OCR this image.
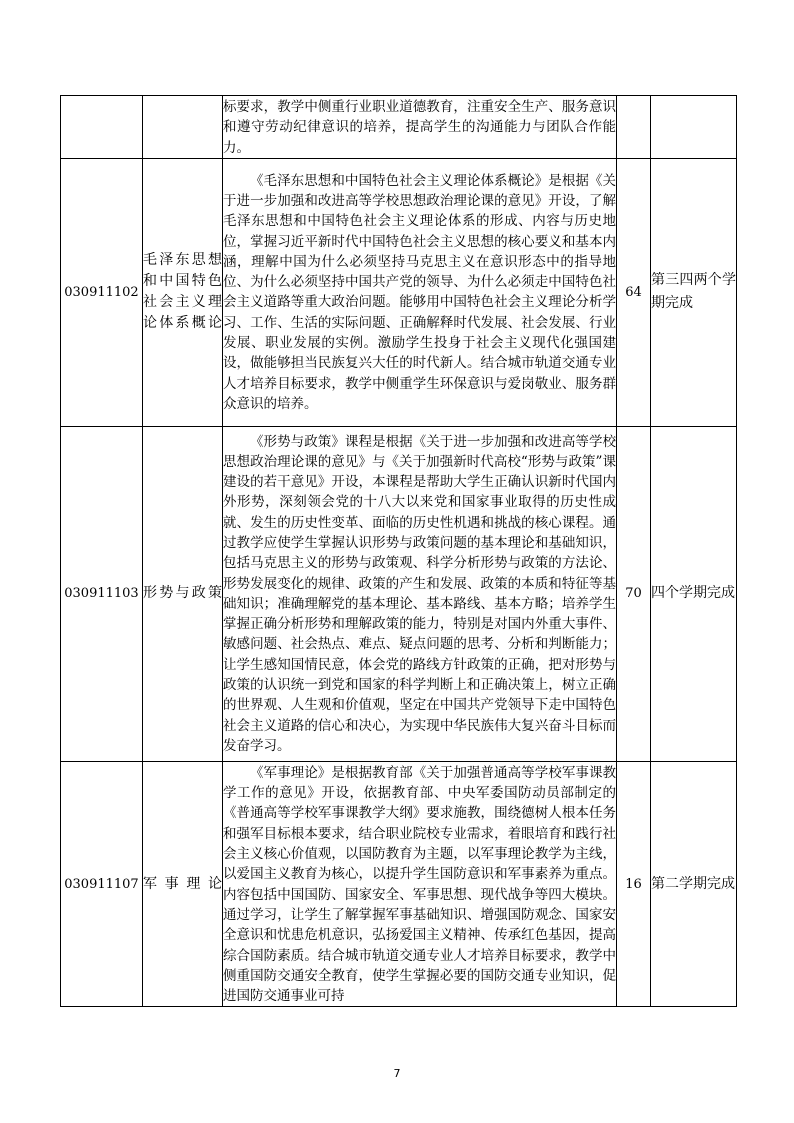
		标要求，教学中侧重行业职业道德教育，注重安全生产、服务意识和遵守劳动纪律意识的培养，提高学生的沟通能力与团队合作能力。		

030911102	毛泽东思想和中国特色社会主义理论体系概论	《毛泽东思想和中国特色社会主义理论体系概论》是根据《关于进一步加强和改进高等学校思想政治理论课的意见》开设，了解毛泽东思想和中国特色社会主义理论体系的形成、内容与历史地位，掌握习近平新时代中国特色社会主义思想的核心要义和基本内涵，理解中国为什么必须坚持马克思主义在意识形态中的指导地位、为什么必须坚持中国共产党的领导、为什么必须走中国特色社会主义道路等重大政治问题。能够用中国特色社会主义理论分析学习、工作、生活的实际问题、正确解释时代发展、社会发展、行业发展、职业发展的实例。激励学生投身于社会主义现代化强国建设，做能够担当民族复兴大任的时代新人。结合城市轨道交通专业人才培养目标要求，教学中侧重学生环保意识与爱岗敬业、服务群众意识的培养。	64	第三四两个学期完成
030911103	形势与政策	《形势与政策》课程是根据《关于进一步加强和改进高等学校思想政治理论课的意见》与《关于加强新时代高校“形势与政策”课建设的若干意见》开设，本课程是帮助大学生正确认识新时代国内外形势，深刻领会党的十八大以来党和国家事业取得的历史性成就、发生的历史性变革、面临的历史性机遇和挑战的核心课程。通过教学应使学生掌握认识形势与政策问题的基本理论和基础知识，包括马克思主义的形势与政策观、科学分析形势与政策的方法论、形势发展变化的规律、政策的产生和发展、政策的本质和特征等基础知识；准确理解党的基本理论、基本路线、基本方略；培养学生掌握正确分析形势和理解政策的能力，特别是对国内外重大事件、敏感问题、社会热点、难点、疑点问题的思考、分析和判断能力；让学生感知国情民意，体会党的路线方针政策的正确，把对形势与政策的认识统一到党和国家的科学判断上和正确决策上，树立正确的世界观、人生观和价值观，坚定在中国共产党领导下走中国特色社会主义道路的信心和决心，为实现中华民族伟大复兴奋斗目标而发奋学习。	70	四个学期完成
030911107	军事理论	《军事理论》是根据教育部《关于加强普通高等学校军事课教学工作的意见》开设，依据教育部、中央军委国防动员部制定的《普通高等学校军事课教学大纲》要求施教，围绕德树人根本任务和强军目标根本要求，结合职业院校专业需求，着眼培育和践行社会主义核心价值观，以国防教育为主题，以军事理论教学为主线，以爱国主义教育为核心，以提升学生国防意识和军事素养为重点。内容包括中国国防、国家安全、军事思想、现代战争等四大模块。通过学习，让学生了解掌握军事基础知识、增强国防观念、国家安全意识和忧患危机意识，弘扬爱国主义精神、传承红色基因，提高综合国防素质。结合城市轨道交通专业人才培养目标要求，教学中侧重国防交通安全教育，使学生掌握必要的国防交通专业知识，促进国防交通事业可持	16	第二学期完成
7
